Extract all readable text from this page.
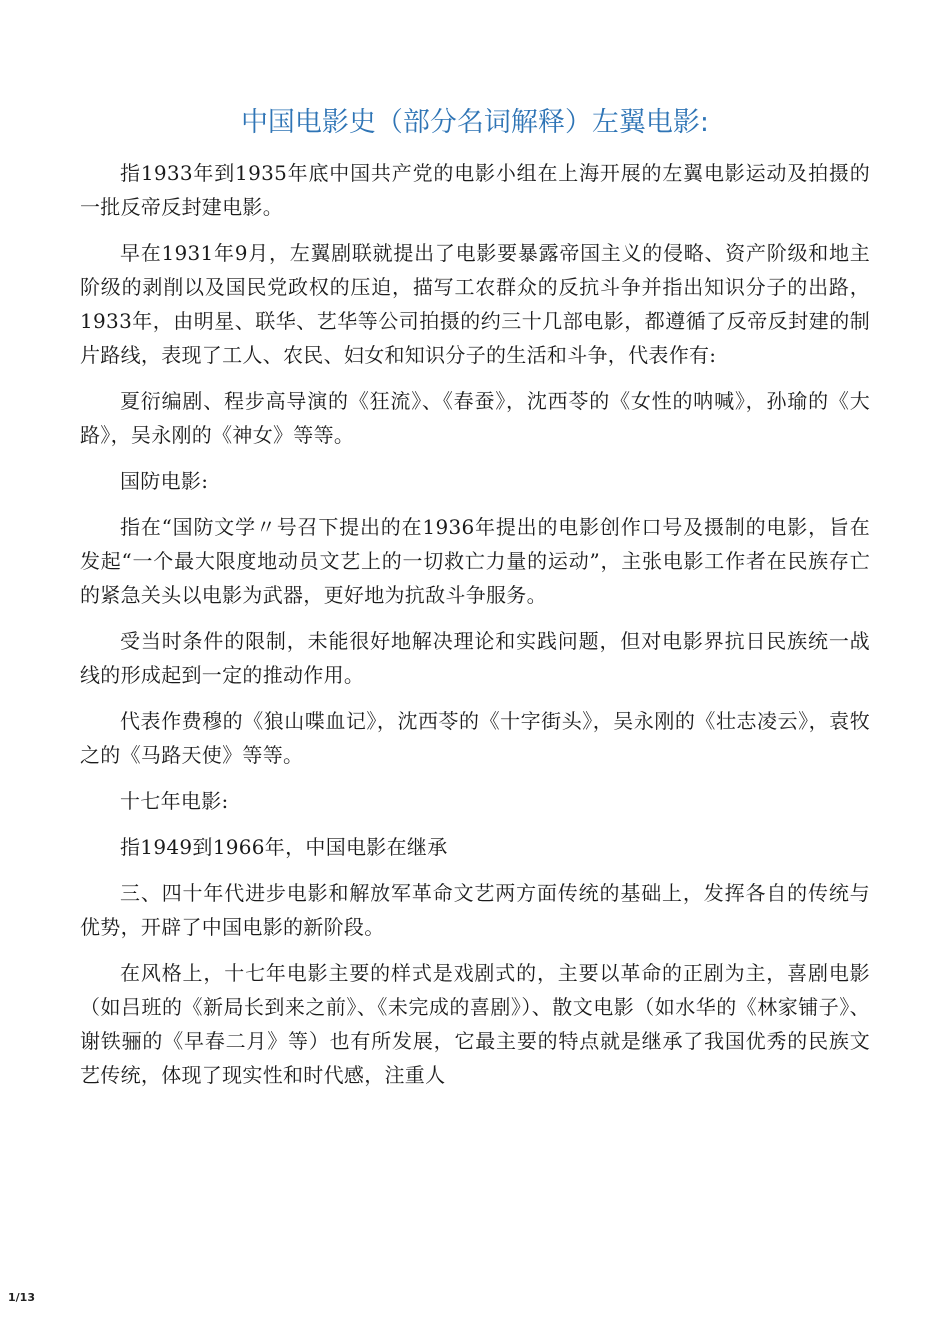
中国电影史（部分名词解释）左翼电影:

指1933年到1935年底中国共产党的电影小组在上海开展的左翼电影运动及拍摄的一批反帝反封建电影。

早在1931年9月，左翼剧联就提出了电影要暴露帝国主义的侵略、资产阶级和地主阶级的剥削以及国民党政权的压迫，描写工农群众的反抗斗争并指出知识分子的出路，1933年，由明星、联华、艺华等公司拍摄的约三十几部电影，都遵循了反帝反封建的制片路线，表现了工人、农民、妇女和知识分子的生活和斗争，代表作有:

夏衍编剧、程步高导演的《狂流》、《春蚕》，沈西苓的《女性的呐喊》，孙瑜的《大路》，吴永刚的《神女》等等。

国防电影:

指在“国防文学〃号召下提出的在1936年提出的电影创作口号及摄制的电影，旨在发起“一个最大限度地动员文艺上的一切救亡力量的运动”，主张电影工作者在民族存亡的紧急关头以电影为武器，更好地为抗敌斗争服务。

受当时条件的限制，未能很好地解决理论和实践问题，但对电影界抗日民族统一战线的形成起到一定的推动作用。

代表作费穆的《狼山喋血记》，沈西苓的《十字街头》，吴永刚的《壮志凌云》，袁牧之的《马路天使》等等。

十七年电影:

指1949到1966年，中国电影在继承

三、四十年代进步电影和解放军革命文艺两方面传统的基础上，发挥各自的传统与优势，开辟了中国电影的新阶段。

在风格上，十七年电影主要的样式是戏剧式的，主要以革命的正剧为主，喜剧电影（如吕班的《新局长到来之前》、《未完成的喜剧》）、散文电影（如水华的《林家铺子》、谢铁骊的《早春二月》等）也有所发展，它最主要的特点就是继承了我国优秀的民族文艺传统，体现了现实性和时代感，注重人

1/13
